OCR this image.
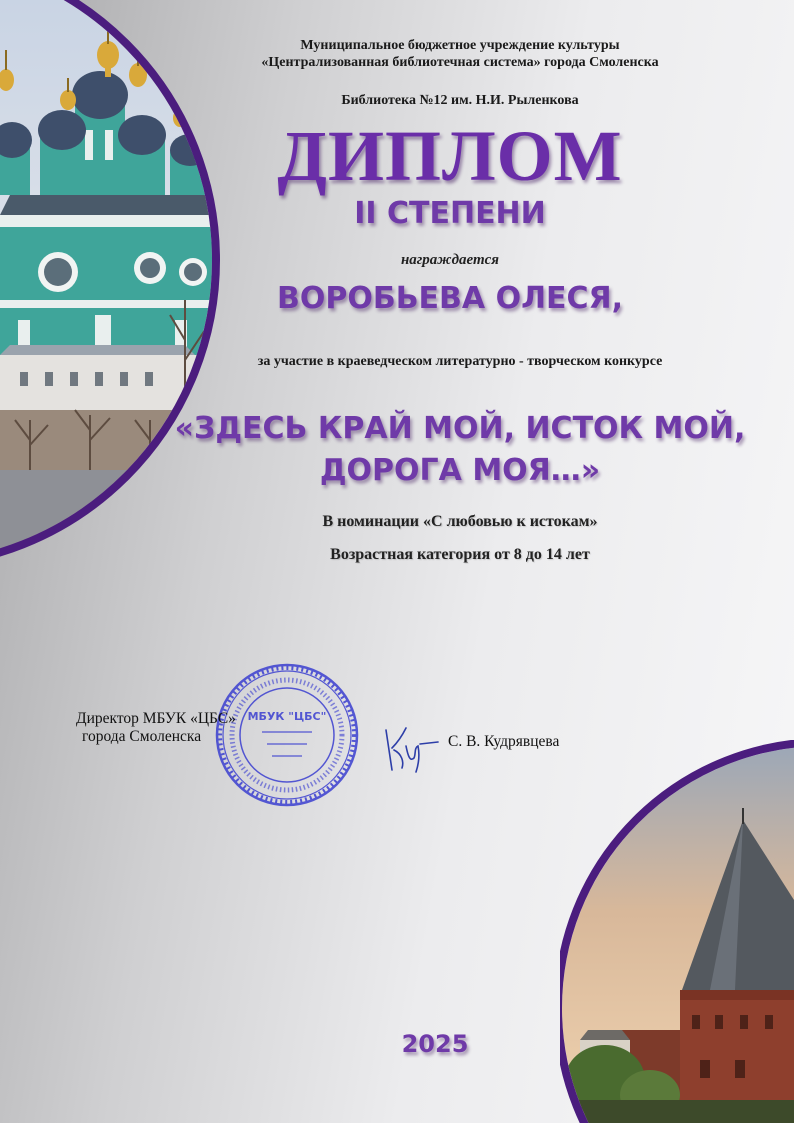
Муниципальное бюджетное учреждение культуры
«Централизованная библиотечная система» города Смоленска
Библиотека №12 им. Н.И. Рыленкова
ДИПЛОМ
II СТЕПЕНИ
награждается
ВОРОБЬЕВА ОЛЕСЯ,
за участие в краеведческом литературно - творческом конкурсе
«ЗДЕСЬ КРАЙ МОЙ, ИСТОК МОЙ,
ДОРОГА МОЯ…»
В номинации «С любовью к истокам»
Возрастная категория от 8 до 14 лет
МБУК "ЦБС"
Директор МБУК «ЦБС»
города Смоленска	С. В. Кудрявцева
2025
